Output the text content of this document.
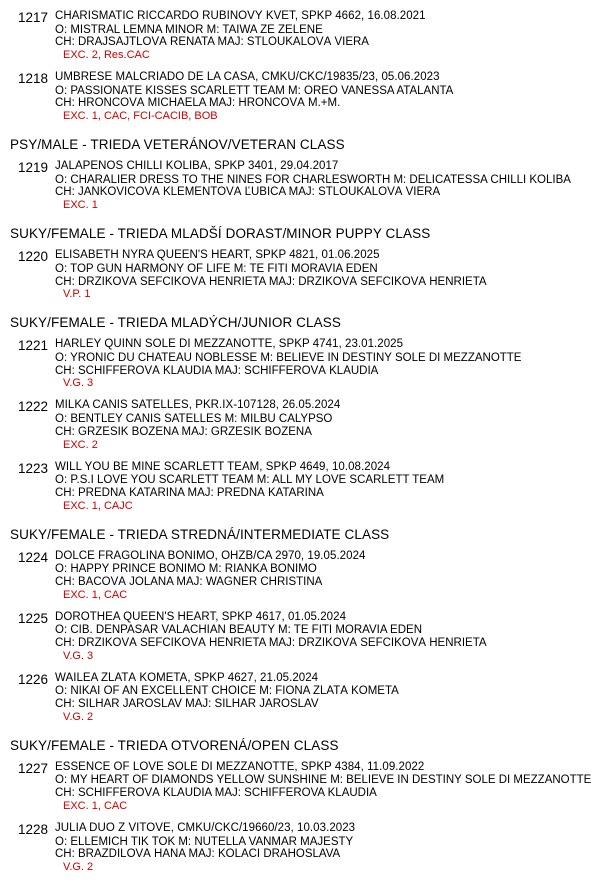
1217 CHARISMATIC RICCARDO RUBÍNOVÝ KVĚT, SPKP 4662, 16.08.2021
O: MISTRAL LEMNA MINOR M: TAIWA ZE ZELENÉ
CH: DRAJSAJTLOVÁ RENATA MAJ: STLOUKALOVÁ VIERA
EXC. 2, Res.CAC
1218 UMBRESE MALCRIADO DE LA CASA, CMKU/CKC/19835/23, 05.06.2023
O: PASSIONATE KISSES SCARLETT TEAM M: OREO VANESSA ATALANTA
CH: HRONCOVÁ MICHAELA MAJ: HRONCOVÁ M.+M.
EXC. 1, CAC, FCI-CACIB, BOB
PSY/MALE - TRIEDA VETERÁNOV/VETERAN CLASS
1219 JALAPEÑOS CHILLI KOLIBA, SPKP 3401, 29.04.2017
O: CHARALIER DRESS TO THE NINES FOR CHARLESWORTH M: DELICATESSA CHILLI KOLIBA
CH: JANKOVIČOVÁ KLEMENTOVÁ ĽUBICA MAJ: STLOUKALOVÁ VIERA
EXC. 1
SUKY/FEMALE - TRIEDA MLADŠÍ DORAST/MINOR PUPPY CLASS
1220 ELISABETH NYRA QUEEN'S HEART, SPKP 4821, 01.06.2025
O: TOP GUN HARMONY OF LIFE M: TE FITI MORAVIA EDEN
CH: DRŽÍKOVÁ ŠEFČÍKOVÁ HENRIETA MAJ: DRŽÍKOVÁ ŠEFČÍKOVÁ HENRIETA
V.P. 1
SUKY/FEMALE - TRIEDA MLADÝCH/JUNIOR CLASS
1221 HARLEY QUINN SOLE DI MEZZANOTTE, SPKP 4741, 23.01.2025
O: YRONIC DU CHATEAU NOBLESSE M: BELIEVE IN DESTINY SOLE DI MEZZANOTTE
CH: SCHIFFEROVÁ KLAUDIA MAJ: SCHIFFEROVÁ KLAUDIA
V.G. 3
1222 MILKA CANIS SATELLES, PKR.IX-107128, 26.05.2024
O: BENTLEY CANIS SATELLES M: MILBU CALYPSO
CH: GRZESIK BOZENA MAJ: GRZESIK BOZENA
EXC. 2
1223 WILL YOU BE MINE SCARLETT TEAM, SPKP 4649, 10.08.2024
O: P.S.I LOVE YOU SCARLETT TEAM M: ALL MY LOVE SCARLETT TEAM
CH: PREDNÁ KATARÍNA MAJ: PREDNÁ KATARÍNA
EXC. 1, CAJC
SUKY/FEMALE - TRIEDA STREDNÁ/INTERMEDIATE CLASS
1224 DOLCE FRAGOLINA BONIMO, ÖHZB/CA 2970, 19.05.2024
O: HAPPY PRINCE BONIMO M: RIANKA BONIMO
CH: BÁČOVÁ JOLANA MAJ: WAGNER CHRISTINA
EXC. 1, CAC
1225 DOROTHEA QUEEN'S HEART, SPKP 4617, 01.05.2024
O: CIB. DENPASAR VALACHIAN BEAUTY M: TE FITI MORAVIA EDEN
CH: DRŽÍKOVÁ ŠEFČÍKOVÁ HENRIETA MAJ: DRŽÍKOVÁ ŠEFČÍKOVÁ HENRIETA
V.G. 3
1226 WAILEA ZLATÁ KOMÉTA, SPKP 4627, 21.05.2024
O: NIKAI OF AN EXCELLENT CHOICE M: FIONA ZLATÁ KOMÉTA
CH: ŠILHÁR JAROSLAV MAJ: ŠILHÁR JAROSLAV
V.G. 2
SUKY/FEMALE - TRIEDA OTVORENÁ/OPEN CLASS
1227 ESSENCE OF LOVE SOLE DI MEZZANOTTE, SPKP 4384, 11.09.2022
O: MY HEART OF DIAMONDS YELLOW SUNSHINE M: BELIEVE IN DESTINY SOLE DI MEZZANOTTE
CH: SCHIFFEROVÁ KLAUDIA MAJ: SCHIFFEROVA KLAUDIA
EXC. 1, CAC
1228 JULIA DUO Z VÍTOVÉ, CMKU/CKC/19660/23, 10.03.2023
O: ELLEMICH TIK TOK M: NUTELLA VANMAR MAJESTY
CH: BRÁZDILOVÁ HANA MAJ: KOLACÍ DRAHOSLAVA
V.G. 2
